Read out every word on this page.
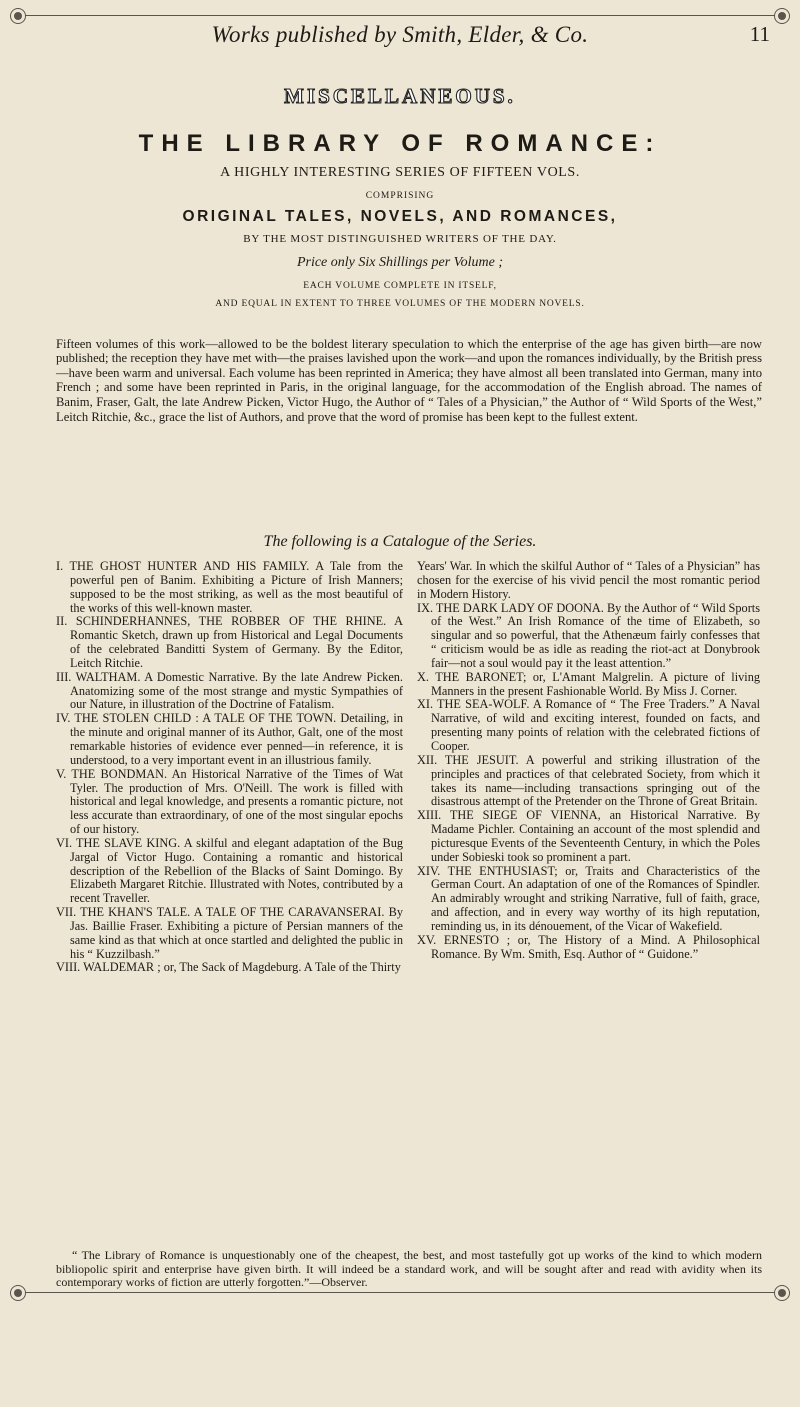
Works published by Smith, Elder, & Co.	11
MISCELLANEOUS.
THE LIBRARY OF ROMANCE:
A HIGHLY INTERESTING SERIES OF FIFTEEN VOLS.
COMPRISING
ORIGINAL TALES, NOVELS, AND ROMANCES,
BY THE MOST DISTINGUISHED WRITERS OF THE DAY.
Price only Six Shillings per Volume ;
EACH VOLUME COMPLETE IN ITSELF,
AND EQUAL IN EXTENT TO THREE VOLUMES OF THE MODERN NOVELS.

Fifteen volumes of this work—allowed to be the boldest literary speculation to which the enterprise of the age has given birth—are now published; the reception they have met with—the praises lavished upon the work—and upon the romances individually, by the British press—have been warm and universal. Each volume has been reprinted in America; they have almost all been translated into German, many into French ; and some have been reprinted in Paris, in the original language, for the accommodation of the English abroad. The names of Banim, Fraser, Galt, the late Andrew Picken, Victor Hugo, the Author of “ Tales of a Physician,” the Author of “ Wild Sports of the West,” Leitch Ritchie, &c., grace the list of Authors, and prove that the word of promise has been kept to the fullest extent.

The following is a Catalogue of the Series.

I. THE GHOST HUNTER AND HIS FAMILY. A Tale from the powerful pen of Banim. Exhibiting a Picture of Irish Manners; supposed to be the most striking, as well as the most beautiful of the works of this well-known master.

II. SCHINDERHANNES, THE ROBBER OF THE RHINE. A Romantic Sketch, drawn up from Historical and Legal Documents of the celebrated Banditti System of Germany. By the Editor, Leitch Ritchie.

III. WALTHAM. A Domestic Narrative. By the late Andrew Picken. Anatomizing some of the most strange and mystic Sympathies of our Nature, in illustration of the Doctrine of Fatalism.

IV. THE STOLEN CHILD : A TALE OF THE TOWN. Detailing, in the minute and original manner of its Author, Galt, one of the most remarkable histories of evidence ever penned—in reference, it is understood, to a very important event in an illustrious family.

V. THE BONDMAN. An Historical Narrative of the Times of Wat Tyler. The production of Mrs. O'Neill. The work is filled with historical and legal knowledge, and presents a romantic picture, not less accurate than extraordinary, of one of the most singular epochs of our history.

VI. THE SLAVE KING. A skilful and elegant adaptation of the Bug Jargal of Victor Hugo. Containing a romantic and historical description of the Rebellion of the Blacks of Saint Domingo. By Elizabeth Margaret Ritchie. Illustrated with Notes, contributed by a recent Traveller.

VII. THE KHAN'S TALE. A TALE OF THE CARAVANSERAI. By Jas. Baillie Fraser. Exhibiting a picture of Persian manners of the same kind as that which at once startled and delighted the public in his “ Kuzzilbash.”

VIII. WALDEMAR ; or, The Sack of Magdeburg. A Tale of the Thirty

Years' War. In which the skilful Author of “ Tales of a Physician” has chosen for the exercise of his vivid pencil the most romantic period in Modern History.

IX. THE DARK LADY OF DOONA. By the Author of “ Wild Sports of the West.” An Irish Romance of the time of Elizabeth, so singular and so powerful, that the Athenæum fairly confesses that “ criticism would be as idle as reading the riot-act at Donybrook fair—not a soul would pay it the least attention.”

X. THE BARONET; or, L'Amant Malgrelin. A picture of living Manners in the present Fashionable World. By Miss J. Corner.

XI. THE SEA-WOLF. A Romance of “ The Free Traders.” A Naval Narrative, of wild and exciting interest, founded on facts, and presenting many points of relation with the celebrated fictions of Cooper.

XII. THE JESUIT. A powerful and striking illustration of the principles and practices of that celebrated Society, from which it takes its name—including transactions springing out of the disastrous attempt of the Pretender on the Throne of Great Britain.

XIII. THE SIEGE OF VIENNA, an Historical Narrative. By Madame Pichler. Containing an account of the most splendid and picturesque Events of the Seventeenth Century, in which the Poles under Sobieski took so prominent a part.

XIV. THE ENTHUSIAST; or, Traits and Characteristics of the German Court. An adaptation of one of the Romances of Spindler. An admirably wrought and striking Narrative, full of faith, grace, and affection, and in every way worthy of its high reputation, reminding us, in its dénouement, of the Vicar of Wakefield.

XV. ERNESTO ; or, The History of a Mind. A Philosophical Romance. By Wm. Smith, Esq. Author of “ Guidone.”

“ The Library of Romance is unquestionably one of the cheapest, the best, and most tastefully got up works of the kind to which modern bibliopolic spirit and enterprise have given birth. It will indeed be a standard work, and will be sought after and read with avidity when its contemporary works of fiction are utterly forgotten.”—Observer.
